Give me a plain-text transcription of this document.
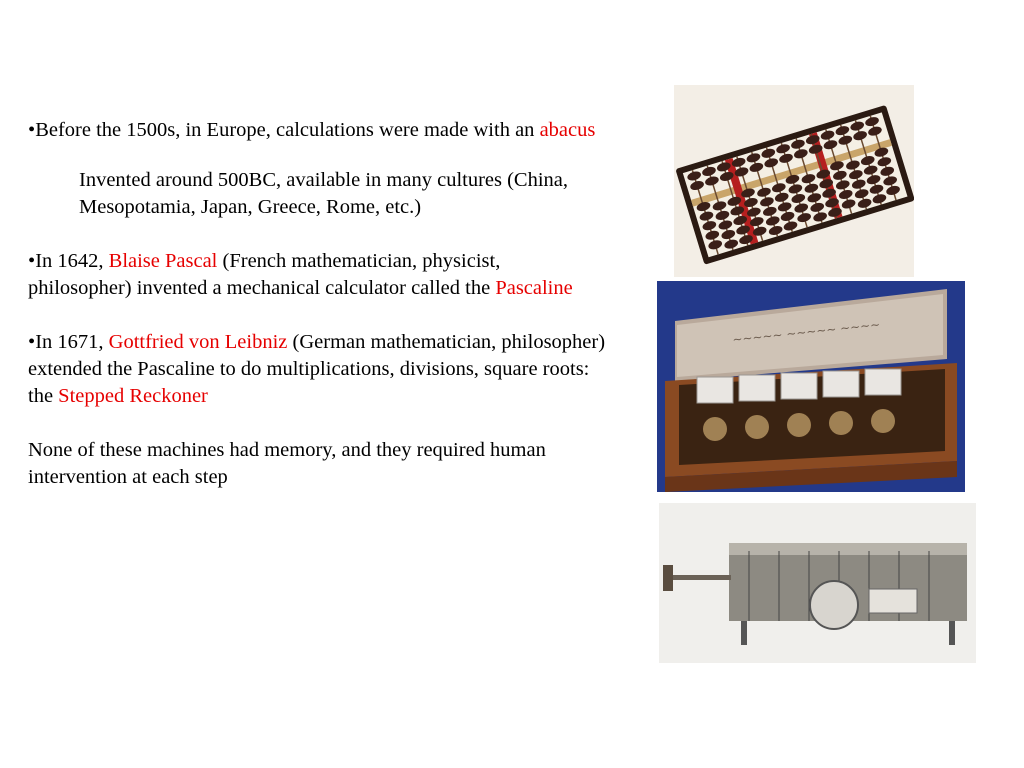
•Before the 1500s, in Europe, calculations were made with an abacus

Invented around 500BC, available in many cultures (China, Mesopotamia, Japan, Greece, Rome, etc.)

•In 1642, Blaise Pascal (French mathematician, physicist, philosopher) invented a mechanical calculator called the Pascaline

•In 1671, Gottfried von Leibniz (German mathematician, philosopher) extended the Pascaline to do multiplications, divisions, square roots: the Stepped Reckoner

None of these machines had memory, and they required human intervention at each step

~~~~~ ~~~~~ ~~~~
